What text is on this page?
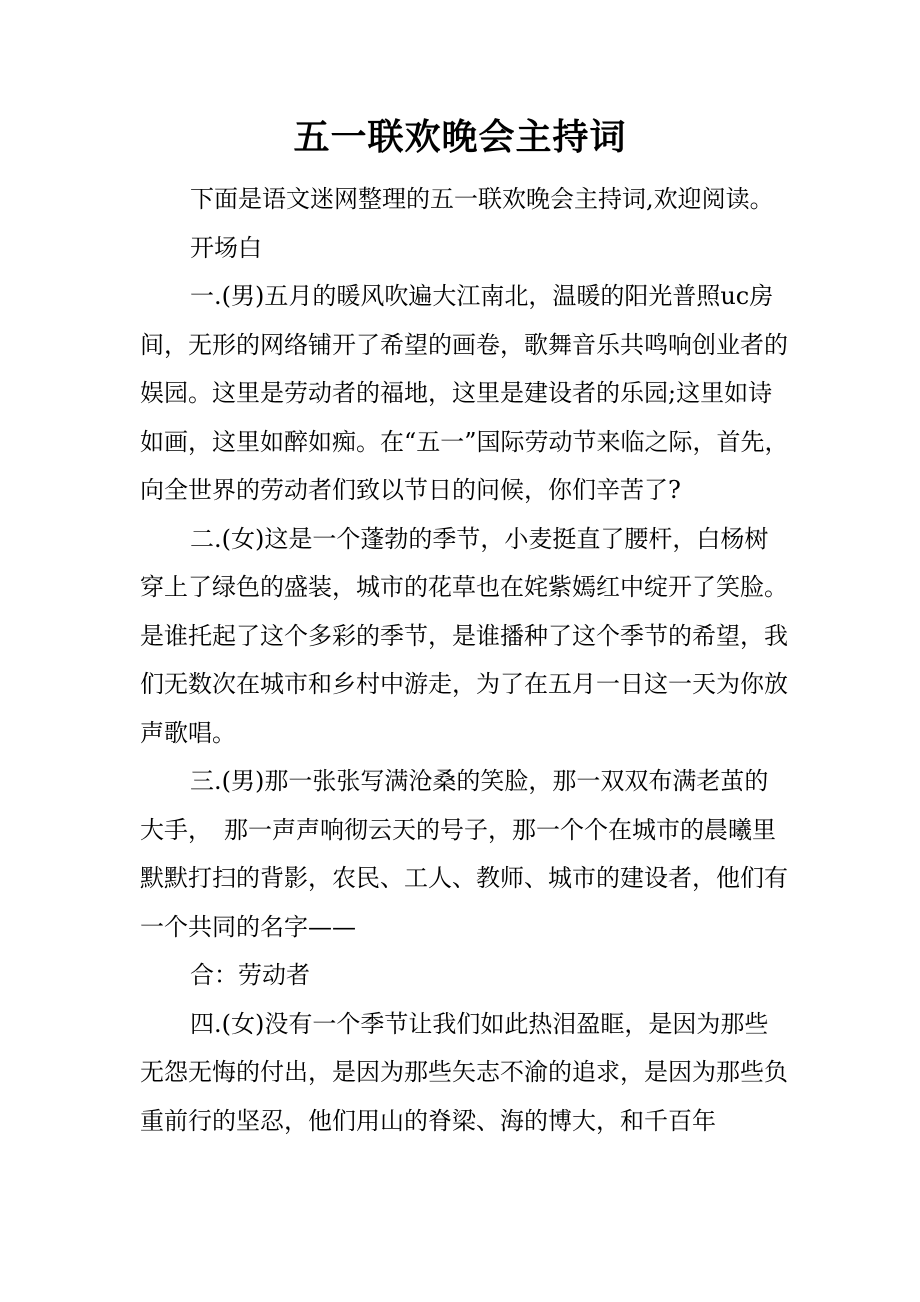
五一联欢晚会主持词

下面是语文迷网整理的五一联欢晚会主持词,欢迎阅读。

开场白

一.(男)五月的暖风吹遍大江南北，温暖的阳光普照uc房间，无形的网络铺开了希望的画卷，歌舞音乐共鸣响创业者的娱园。这里是劳动者的福地，这里是建设者的乐园;这里如诗如画，这里如醉如痴。在“五一”国际劳动节来临之际，首先，向全世界的劳动者们致以节日的问候，你们辛苦了?

二.(女)这是一个蓬勃的季节，小麦挺直了腰杆，白杨树穿上了绿色的盛装，城市的花草也在姹紫嫣红中绽开了笑脸。是谁托起了这个多彩的季节，是谁播种了这个季节的希望，我们无数次在城市和乡村中游走，为了在五月一日这一天为你放声歌唱。

三.(男)那一张张写满沧桑的笑脸，那一双双布满老茧的大手，　那一声声响彻云天的号子，那一个个在城市的晨曦里默默打扫的背影，农民、工人、教师、城市的建设者，他们有一个共同的名字——

合：劳动者

四.(女)没有一个季节让我们如此热泪盈眶，是因为那些无怨无悔的付出，是因为那些矢志不渝的追求，是因为那些负重前行的坚忍，他们用山的脊梁、海的博大，和千百年
